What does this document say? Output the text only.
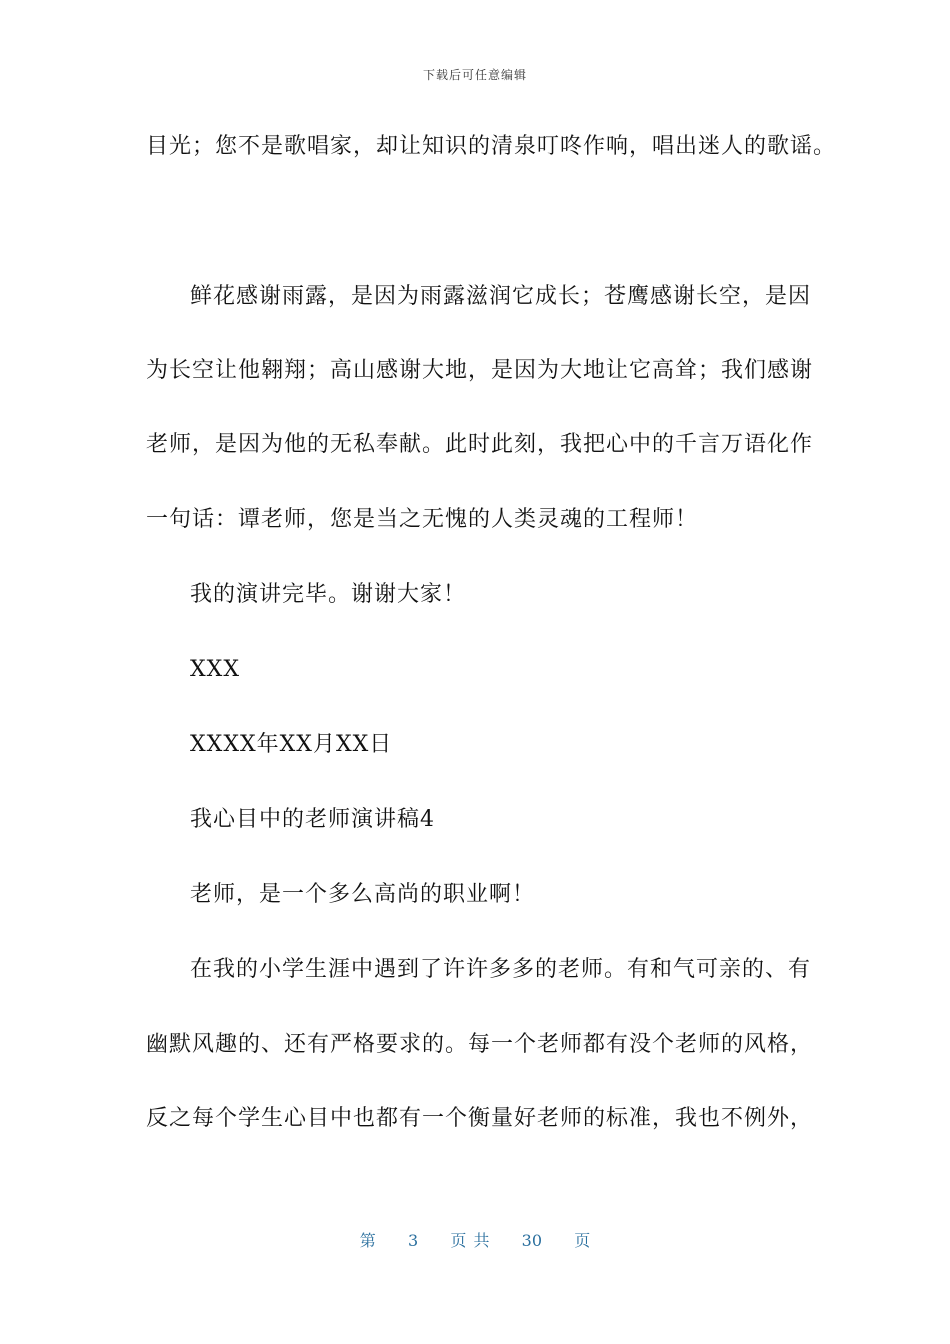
下载后可任意编辑
目光；您不是歌唱家，却让知识的清泉叮咚作响，唱出迷人的歌谣。
鲜花感谢雨露，是因为雨露滋润它成长；苍鹰感谢长空，是因
为长空让他翱翔；高山感谢大地，是因为大地让它高耸；我们感谢
老师，是因为他的无私奉献。此时此刻，我把心中的千言万语化作
一句话：谭老师，您是当之无愧的人类灵魂的工程师！
我的演讲完毕。谢谢大家！
XXX
XXXX年XX月XX日
我心目中的老师演讲稿4
老师，是一个多么高尚的职业啊！
在我的小学生涯中遇到了许许多多的老师。有和气可亲的、有
幽默风趣的、还有严格要求的。每一个老师都有没个老师的风格，
反之每个学生心目中也都有一个衡量好老师的标准，我也不例外，
第 3 页 共 30 页
